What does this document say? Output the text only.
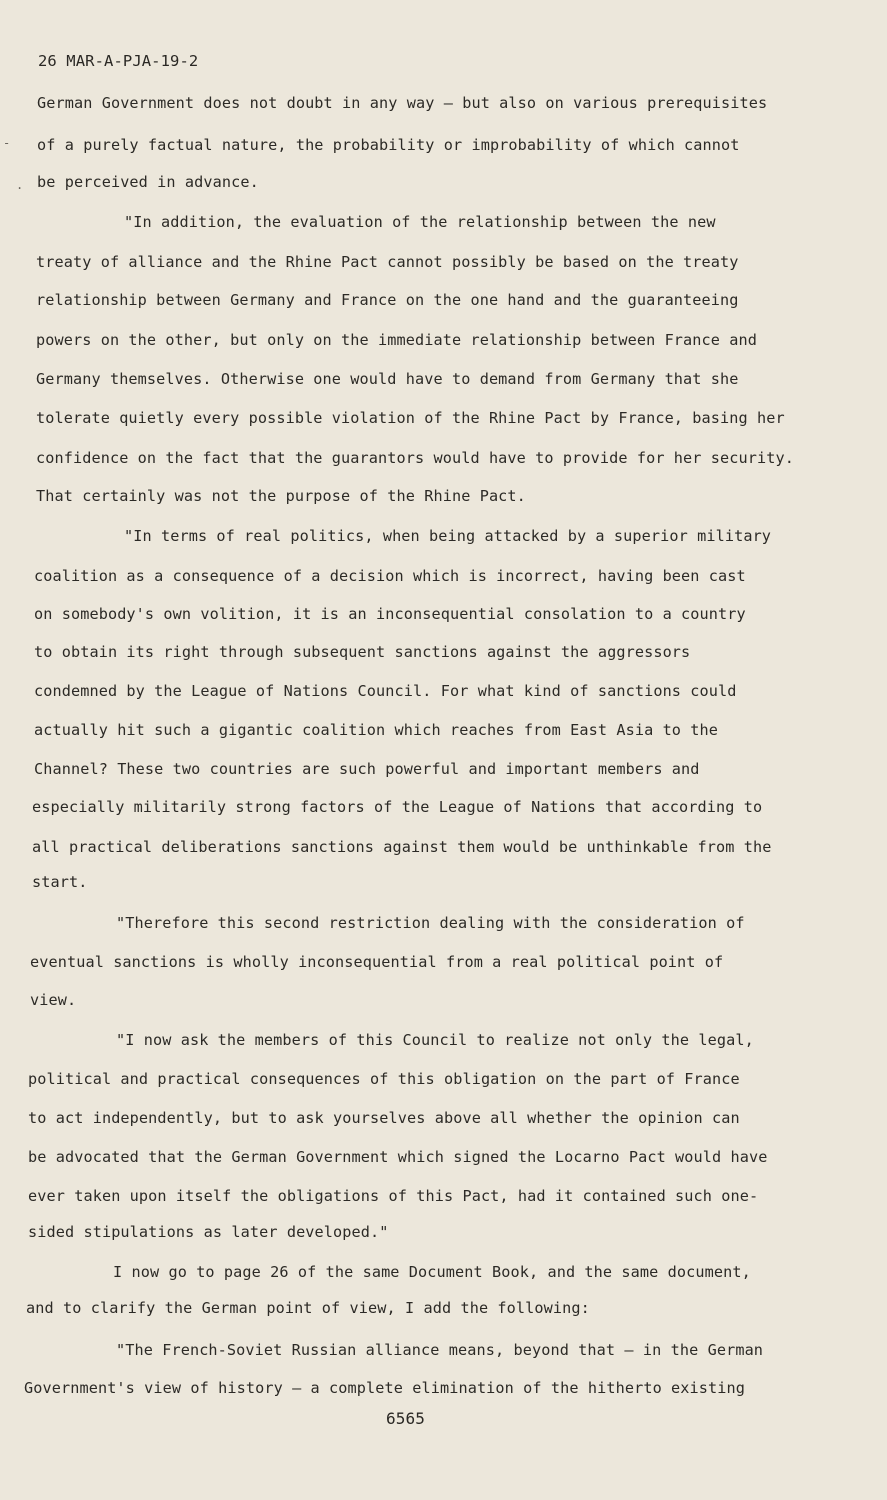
26 MAR-A-PJA-19-2
-
.
German Government does not doubt in any way — but also on various prerequisites
of a purely factual nature, the probability or improbability of which cannot
be perceived in advance.
"In addition, the evaluation of the relationship between the new
treaty of alliance and the Rhine Pact cannot possibly be based on the treaty
relationship between Germany and France on the one hand and the guaranteeing
powers on the other, but only on the immediate relationship between France and
Germany themselves. Otherwise one would have to demand from Germany that she
tolerate quietly every possible violation of the Rhine Pact by France, basing her
confidence on the fact that the guarantors would have to provide for her security.
That certainly was not the purpose of the Rhine Pact.
"In terms of real politics, when being attacked by a superior military
coalition as a consequence of a decision which is incorrect, having been cast
on somebody's own volition, it is an inconsequential consolation to a country
to obtain its right through subsequent sanctions against the aggressors
condemned by the League of Nations Council. For what kind of sanctions could
actually hit such a gigantic coalition which reaches from East Asia to the
Channel? These two countries are such powerful and important members and
especially militarily strong factors of the League of Nations that according to
all practical deliberations sanctions against them would be unthinkable from the
start.
"Therefore this second restriction dealing with the consideration of
eventual sanctions is wholly inconsequential from a real political point of
view.
"I now ask the members of this Council to realize not only the legal,
political and practical consequences of this obligation on the part of France
to act independently, but to ask yourselves above all whether the opinion can
be advocated that the German Government which signed the Locarno Pact would have
ever taken upon itself the obligations of this Pact, had it contained such one-
sided stipulations as later developed."
I now go to page 26 of the same Document Book, and the same document,
and to clarify the German point of view, I add the following:
"The French-Soviet Russian alliance means, beyond that — in the German
Government's view of history — a complete elimination of the hitherto existing
6565
